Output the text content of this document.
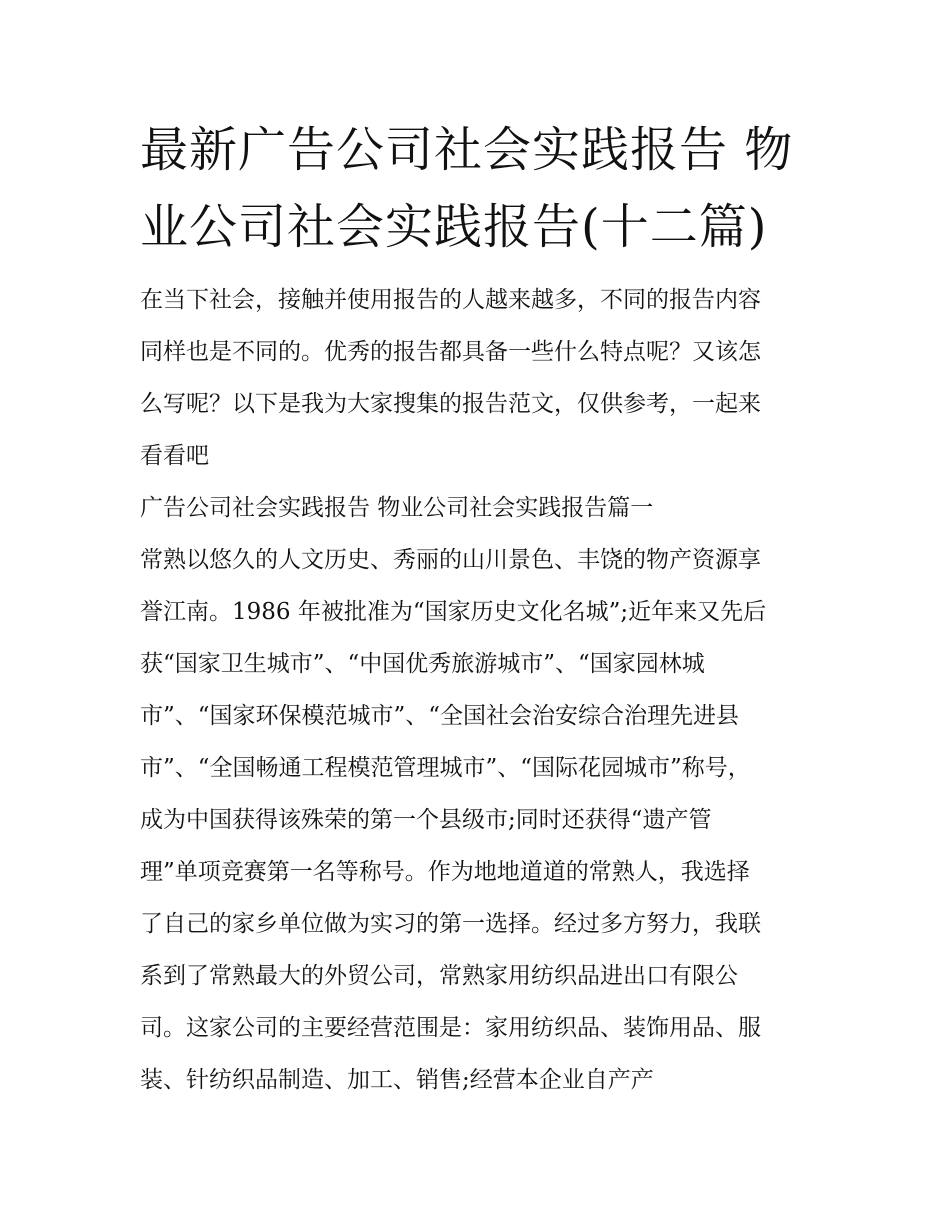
最新广告公司社会实践报告 物
业公司社会实践报告(十二篇)

在当下社会，接触并使用报告的人越来越多，不同的报告内容
同样也是不同的。优秀的报告都具备一些什么特点呢？又该怎
么写呢？以下是我为大家搜集的报告范文，仅供参考，一起来
看看吧

广告公司社会实践报告 物业公司社会实践报告篇一

常熟以悠久的人文历史、秀丽的山川景色、丰饶的物产资源享
誉江南。1986 年被批准为“国家历史文化名城”;近年来又先后
获“国家卫生城市”、“中国优秀旅游城市”、“国家园林城
市”、“国家环保模范城市”、“全国社会治安综合治理先进县
市”、“全国畅通工程模范管理城市”、“国际花园城市”称号，
成为中国获得该殊荣的第一个县级市;同时还获得“遗产管
理”单项竞赛第一名等称号。作为地地道道的常熟人，我选择
了自己的家乡单位做为实习的第一选择。经过多方努力，我联
系到了常熟最大的外贸公司，常熟家用纺织品进出口有限公
司。这家公司的主要经营范围是：家用纺织品、装饰用品、服
装、针纺织品制造、加工、销售;经营本企业自产产
